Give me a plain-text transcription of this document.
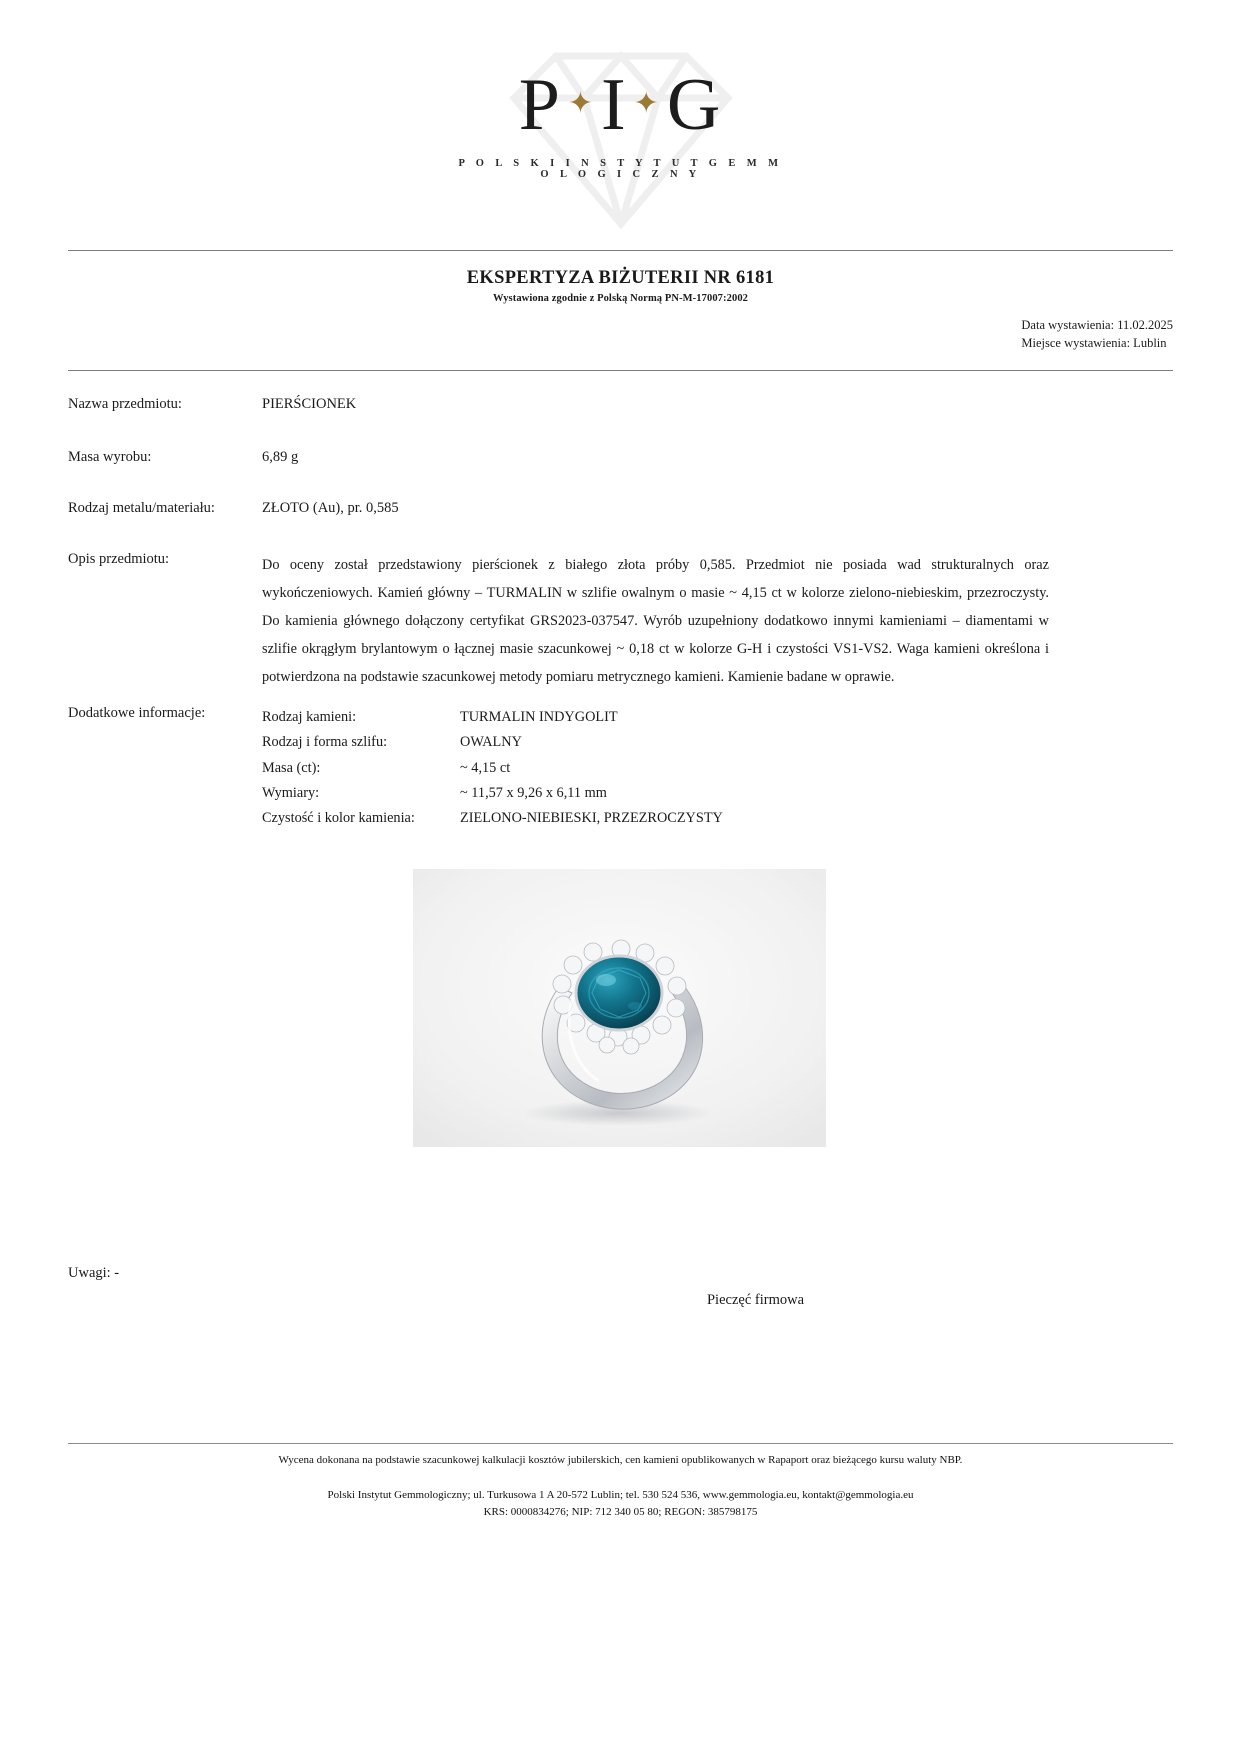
P ✦I ✦G
P O L S K I I N S T Y T U T G E M M O L O G I C Z N Y
EKSPERTYZA BIŻUTERII NR 6181
Wystawiona zgodnie z Polską Normą PN-M-17007:2002
Data wystawienia: 11.02.2025
Miejsce wystawienia: Lublin
Nazwa przedmiotu:	PIERŚCIONEK
Masa wyrobu:	6,89 g
Rodzaj metalu/materiału:	ZŁOTO (Au), pr. 0,585
Opis przedmiotu:	Do oceny został przedstawiony pierścionek z białego złota próby 0,585. Przedmiot nie posiada wad strukturalnych oraz wykończeniowych. Kamień główny – TURMALIN w szlifie owalnym o masie ~ 4,15 ct w kolorze zielono-niebieskim, przezroczysty. Do kamienia głównego dołączony certyfikat GRS2023-037547. Wyrób uzupełniony dodatkowo innymi kamieniami – diamentami w szlifie okrągłym brylantowym o łącznej masie szacunkowej ~ 0,18 ct w kolorze G-H i czystości VS1-VS2. Waga kamieni określona i potwierdzona na podstawie szacunkowej metody pomiaru metrycznego kamieni. Kamienie badane w oprawie.

Dodatkowe informacje:	Rodzaj kamieni:	TURMALIN INDYGOLIT
Rodzaj i forma szlifu:	OWALNY
Masa (ct):	~ 4,15 ct
Wymiary:	~ 11,57 x 9,26 x 6,11 mm
Czystość i kolor kamienia:	ZIELONO-NIEBIESKI, PRZEZROCZYSTY
Uwagi: -
Pieczęć firmowa
Wycena dokonana na podstawie szacunkowej kalkulacji kosztów jubilerskich, cen kamieni opublikowanych w Rapaport oraz bieżącego kursu waluty NBP.
Polski Instytut Gemmologiczny; ul. Turkusowa 1 A 20-572 Lublin; tel. 530 524 536, www.gemmologia.eu, kontakt@gemmologia.eu
KRS: 0000834276; NIP: 712 340 05 80; REGON: 385798175
